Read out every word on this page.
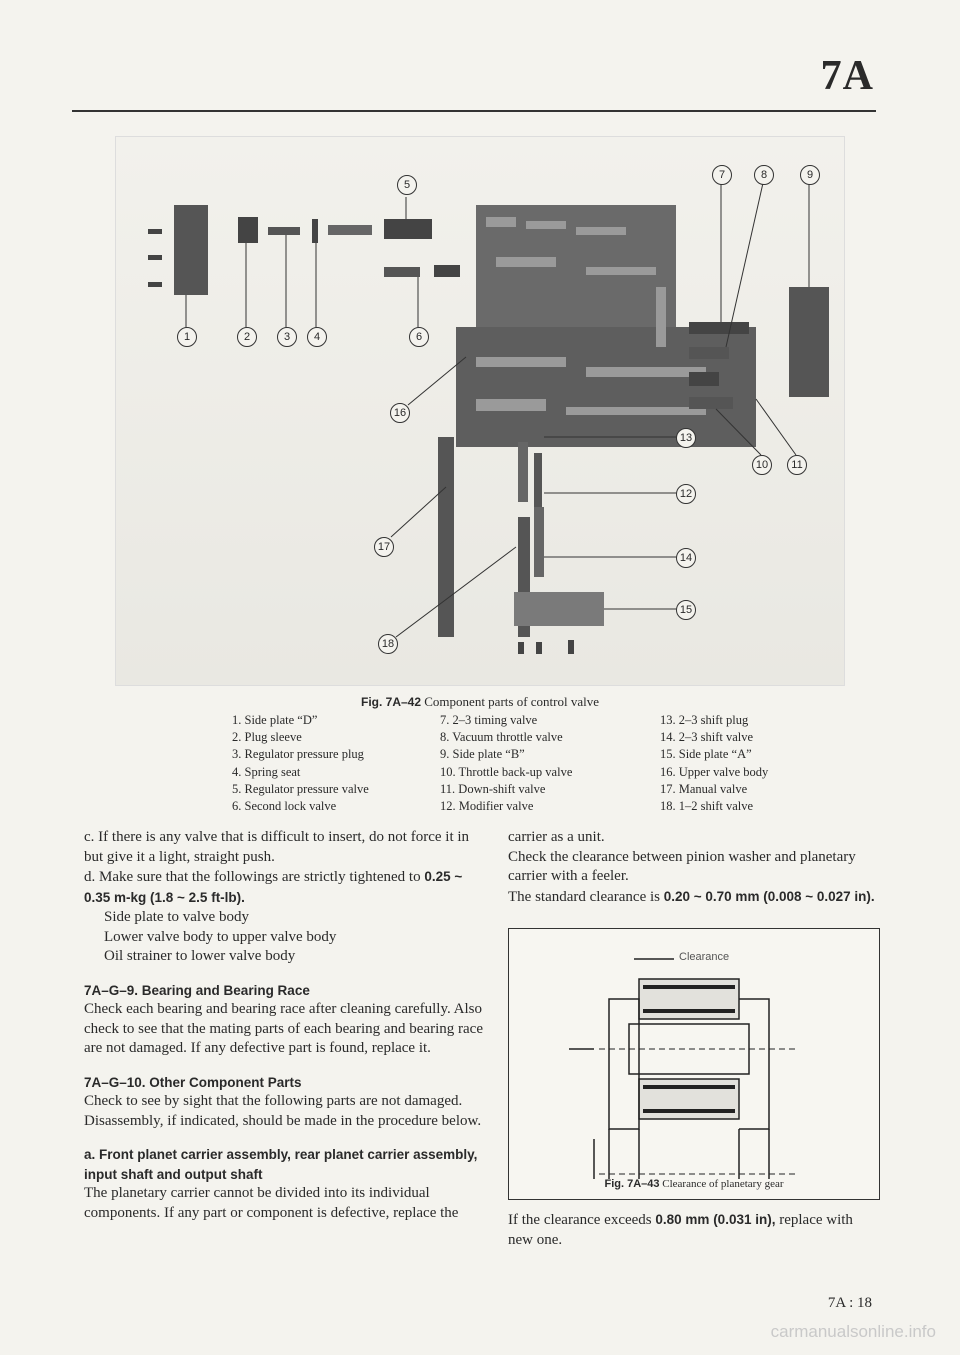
7A
1	2	3	4
5
6
7	8	9
10	11
12
13
14
15
16
17
18
Fig. 7A–42 Component parts of control valve
1. Side plate “D”
2. Plug sleeve
3. Regulator pressure plug
4. Spring seat
5. Regulator pressure valve
6. Second lock valve
7. 2–3 timing valve
8. Vacuum throttle valve
9. Side plate “B”
10. Throttle back-up valve
11. Down-shift valve
12. Modifier valve
13. 2–3 shift plug
14. 2–3 shift valve
15. Side plate “A”
16. Upper valve body
17. Manual valve
18. 1–2 shift valve

c. If there is any valve that is difficult to insert, do not force it in but give it a light, straight push.

d. Make sure that the followings are strictly tightened to 0.25 ~ 0.35 m-kg (1.8 ~ 2.5 ft-lb).

Side plate to valve body

Lower valve body to upper valve body

Oil strainer to lower valve body

7A–G–9. Bearing and Bearing Race

Check each bearing and bearing race after cleaning carefully. Also check to see that the mating parts of each bearing and bearing race are not damaged. If any defective part is found, replace it.

7A–G–10. Other Component Parts

Check to see by sight that the following parts are not damaged. Disassembly, if indicated, should be made in the procedure below.

a. Front planet carrier assembly, rear planet carrier assembly, input shaft and output shaft

The planetary carrier cannot be divided into its individual components. If any part or component is defective, replace the

carrier as a unit.

Check the clearance between pinion washer and planetary carrier with a feeler.

The standard clearance is 0.20 ~ 0.70 mm (0.008 ~ 0.027 in).

Clearance
Fig. 7A–43 Clearance of planetary gear

If the clearance exceeds 0.80 mm (0.031 in), replace with new one.

7A : 18
carmanualsonline.info
